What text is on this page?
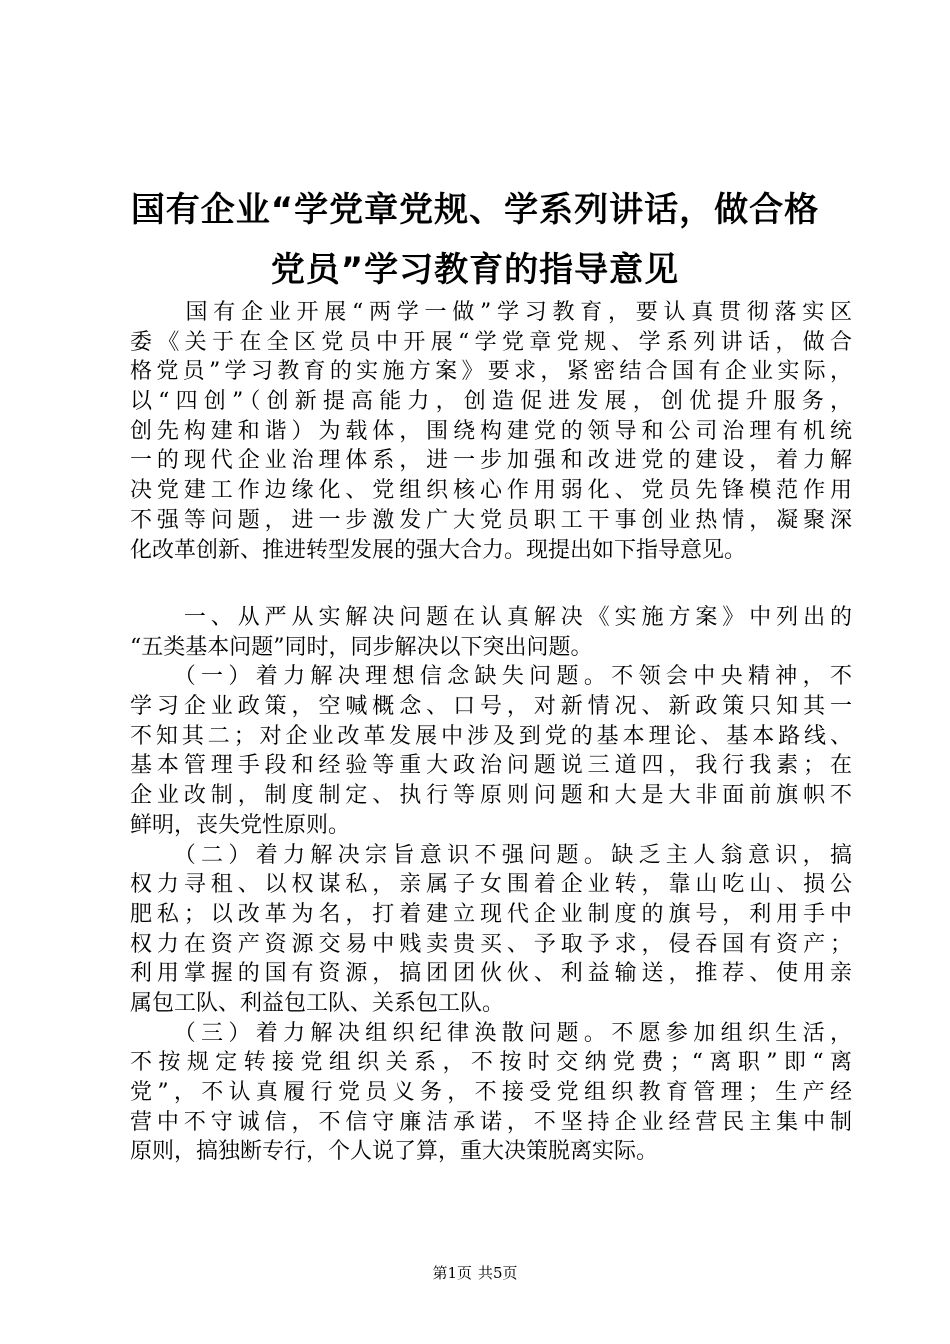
国有企业“学党章党规、学系列讲话，做合格
党员”学习教育的指导意见
　　国有企业开展“两学一做”学习教育，要认真贯彻落实区
委《关于在全区党员中开展“学党章党规、学系列讲话，做合
格党员”学习教育的实施方案》要求，紧密结合国有企业实际，
以“四创”（创新提高能力，创造促进发展，创优提升服务，
创先构建和谐）为载体，围绕构建党的领导和公司治理有机统
一的现代企业治理体系，进一步加强和改进党的建设，着力解
决党建工作边缘化、党组织核心作用弱化、党员先锋模范作用
不强等问题，进一步激发广大党员职工干事创业热情，凝聚深
化改革创新、推进转型发展的强大合力。现提出如下指导意见。
　　一、从严从实解决问题在认真解决《实施方案》中列出的
“五类基本问题”同时，同步解决以下突出问题。
　　（一）着力解决理想信念缺失问题。不领会中央精神，不
学习企业政策，空喊概念、口号，对新情况、新政策只知其一
不知其二；对企业改革发展中涉及到党的基本理论、基本路线、
基本管理手段和经验等重大政治问题说三道四，我行我素；在
企业改制，制度制定、执行等原则问题和大是大非面前旗帜不
鲜明，丧失党性原则。
　　（二）着力解决宗旨意识不强问题。缺乏主人翁意识，搞
权力寻租、以权谋私，亲属子女围着企业转，靠山吃山、损公
肥私；以改革为名，打着建立现代企业制度的旗号，利用手中
权力在资产资源交易中贱卖贵买、予取予求，侵吞国有资产；
利用掌握的国有资源，搞团团伙伙、利益输送，推荐、使用亲
属包工队、利益包工队、关系包工队。
　　（三）着力解决组织纪律涣散问题。不愿参加组织生活，
不按规定转接党组织关系，不按时交纳党费；“离职”即“离
党”，不认真履行党员义务，不接受党组织教育管理；生产经
营中不守诚信，不信守廉洁承诺，不坚持企业经营民主集中制
原则，搞独断专行，个人说了算，重大决策脱离实际。
第1页 共5页
